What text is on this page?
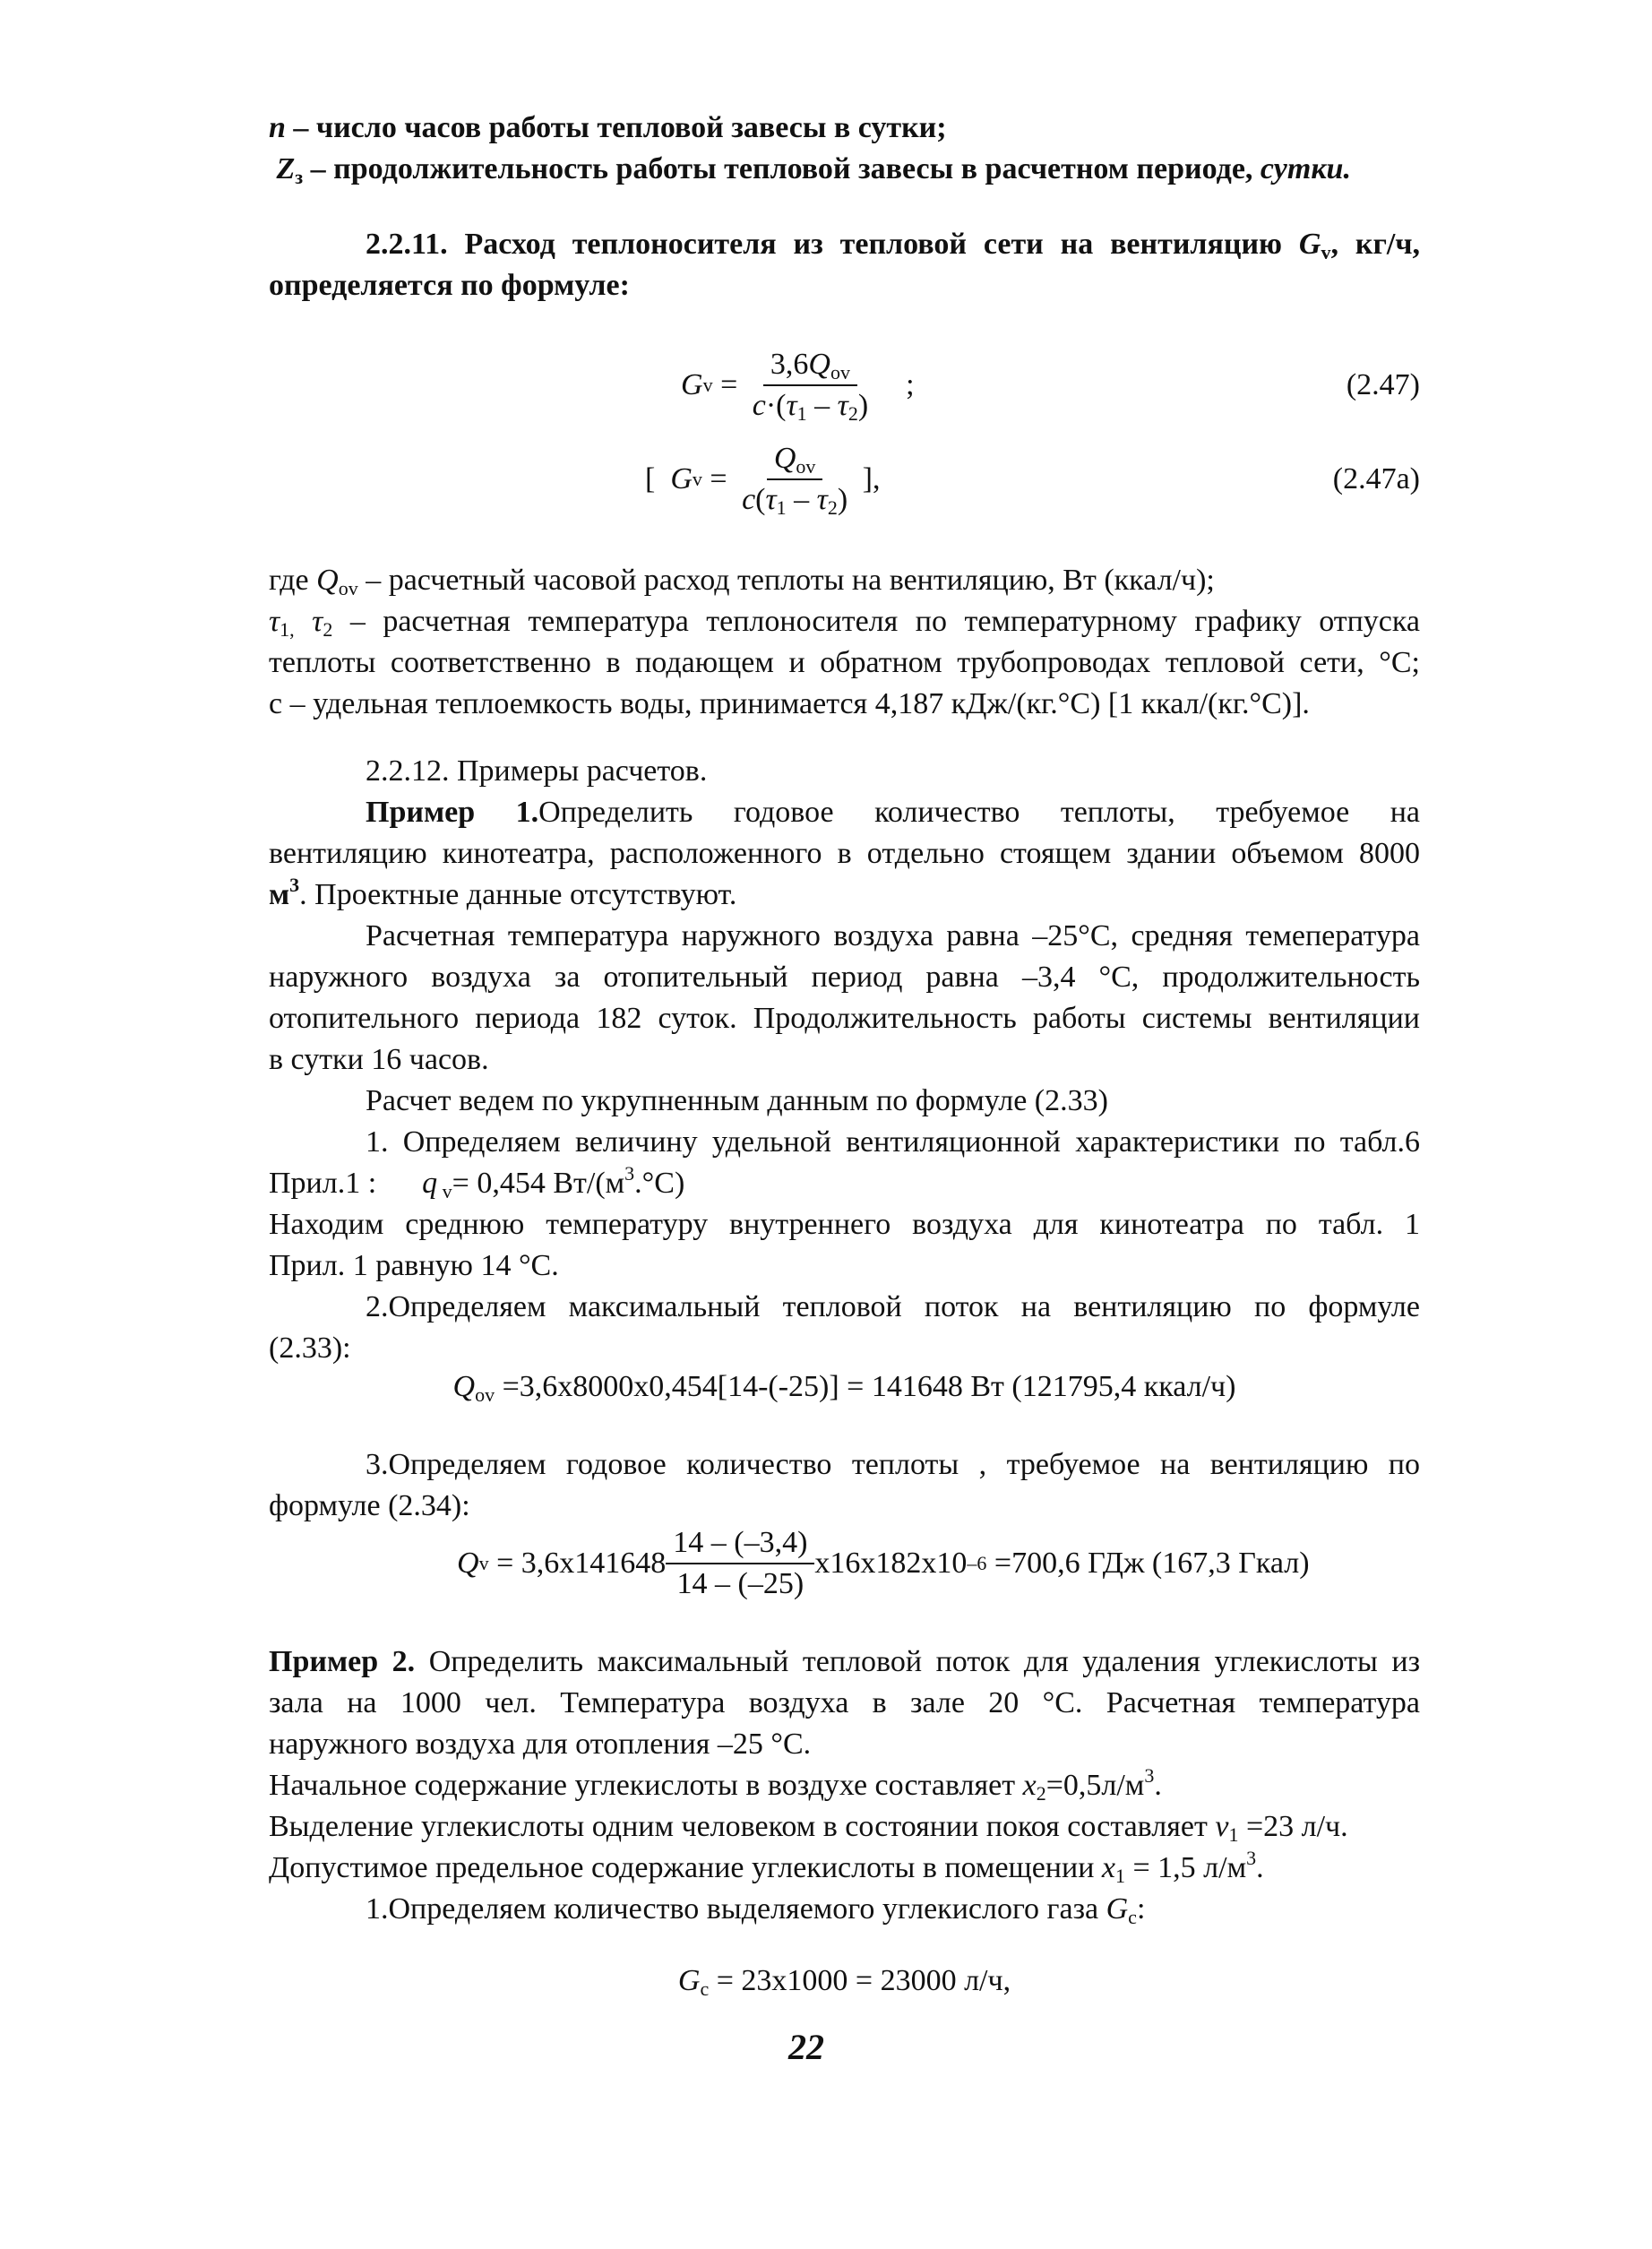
n – число часов работы тепловой завесы в сутки;

$Z_з$ – продолжительность работы тепловой завесы в расчетном периоде, сутки.

2.2.11. Расход теплоносителя из тепловой сети на вентиляцию $G_v$, кг/ч,

определяется по формуле:

G v =
$3,6Q_{ov}$
$c\cdot(\tau_1 - \tau_2)$
;	(2.47)
[ G v =
$Q_{ov}$
$c(\tau_1 - \tau_2)$
],	(2.47а)

где $Q_{ov}$ – расчетный часовой расход теплоты на вентиляцию, Вт (ккал/ч);

$\tau_{1,}$ $\tau_2$ – расчетная температура теплоносителя по температурному графику отпуска

теплоты соответственно в подающем и обратном трубопроводах тепловой сети, °С;

с – удельная теплоемкость воды, принимается 4,187 кДж/(кг.°С) [1 ккал/(кг.°С)].

2.2.12. Примеры расчетов.

Пример 1.Определить годовое количество теплоты, требуемое на

вентиляцию кинотеатра, расположенного в отдельно стоящем здании объемом 8000

$м^3$. Проектные данные отсутствуют.

Расчетная температура наружного воздуха равна –25°С, средняя темепература

наружного воздуха за отопительный период равна –3,4 °С, продолжительность

отопительного периода 182 суток. Продолжительность работы системы вентиляции

в сутки 16 часов.

Расчет ведем по укрупненным данным по формуле (2.33)

1. Определяем величину удельной вентиляционной характеристики по табл.6

Прил.1 : q $_v$= 0,454 $Вт/(м^3.^\circ С)$

Находим среднюю температуру внутреннего воздуха для кинотеатра по табл. 1

Прил. 1 равную 14 °С.

2.Определяем максимальный тепловой поток на вентиляцию по формуле

(2.33):

$Q_{ov} =3,6х8000х0,454[14-(-25)] = 141648$ Вт (121795,4 ккал/ч)

3.Определяем годовое количество теплоты , требуемое на вентиляцию по

формуле (2.34):

Q v
= 3,6х141648
14 – (–3,4)
14 – (–25)
х16х182х10 –6
=700,6 ГДж (167,3 Гкал)

Пример 2. Определить максимальный тепловой поток для удаления углекислоты из

зала на 1000 чел. Температура воздуха в зале 20 °С. Расчетная температура

наружного воздуха для отопления –25 °С.

Начальное содержание углекислоты в воздухе составляет $x_2=0,5л/м^3$.

Выделение углекислоты одним человеком в состоянии покоя составляет $v_1 =23$ л/ч.

Допустимое предельное содержание углекислоты в помещении $x_1 = 1,5$ $л/м^3$.

1.Определяем количество выделяемого углекислого газа $G_c$:

$G_c = 23х1000 = 23000$ л/ч,

22
